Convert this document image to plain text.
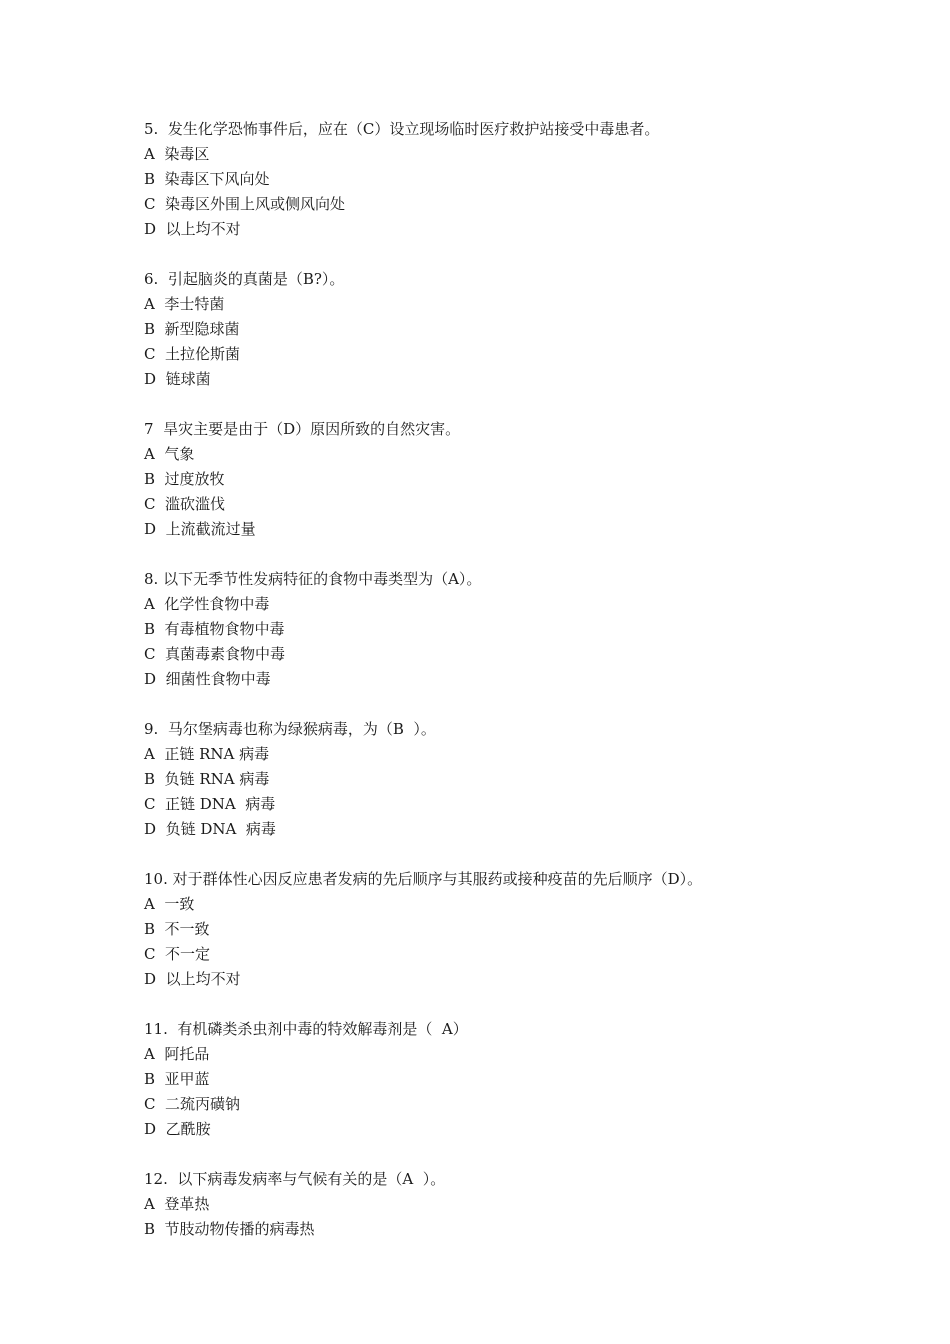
5.  发生化学恐怖事件后，应在（C）设立现场临时医疗救护站接受中毒患者。
A  染毒区
B  染毒区下风向处
C  染毒区外围上风或侧风向处
D  以上均不对
6.  引起脑炎的真菌是（B?）。
A  李士特菌
B  新型隐球菌
C  土拉伦斯菌
D  链球菌
7  旱灾主要是由于（D）原因所致的自然灾害。
A  气象
B  过度放牧
C  滥砍滥伐
D  上流截流过量
8. 以下无季节性发病特征的食物中毒类型为（A）。
A  化学性食物中毒
B  有毒植物食物中毒
C  真菌毒素食物中毒
D  细菌性食物中毒
9.  马尔堡病毒也称为绿猴病毒，为（B  ）。
A  正链 RNA 病毒
B  负链 RNA 病毒
C  正链 DNA  病毒
D  负链 DNA  病毒
10. 对于群体性心因反应患者发病的先后顺序与其服药或接种疫苗的先后顺序（D）。
A  一致
B  不一致
C  不一定
D  以上均不对
11.  有机磷类杀虫剂中毒的特效解毒剂是（  A）
A  阿托品
B  亚甲蓝
C  二巯丙磺钠
D  乙酰胺
12.  以下病毒发病率与气候有关的是（A  ）。
A  登革热
B  节肢动物传播的病毒热
